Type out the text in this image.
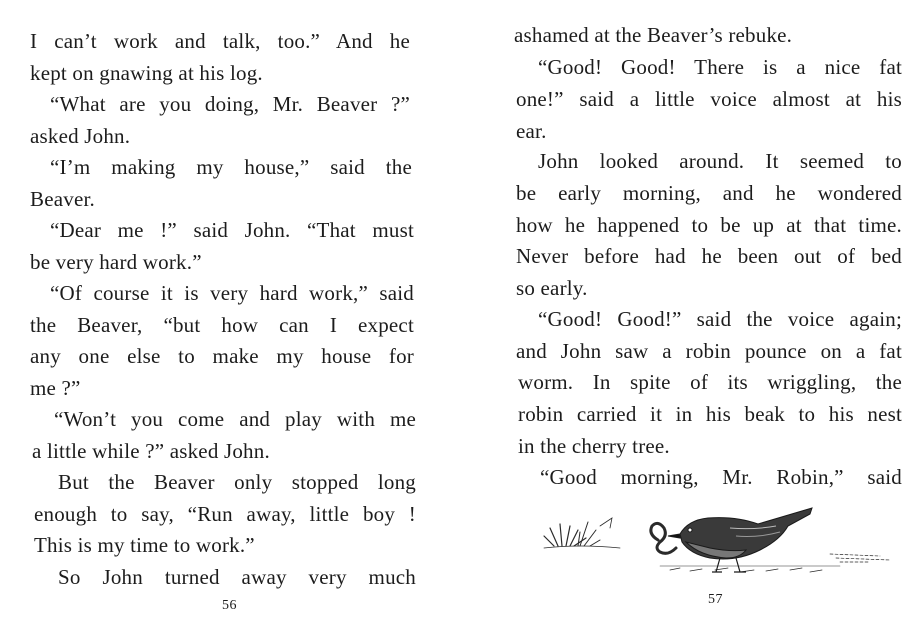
I can’t work and talk, too.” And he
kept on gnawing at his log.
“What are you doing, Mr. Beaver ?”
asked John.
“I’m making my house,” said the
Beaver.
“Dear me !” said John. “That must
be very hard work.”
“Of course it is very hard work,” said
the Beaver, “but how can I expect
any one else to make my house for
me ?”
“Won’t you come and play with me
a little while ?” asked John.
But the Beaver only stopped long
enough to say, “Run away, little boy !
This is my time to work.”
So John turned away very much
56
ashamed at the Beaver’s rebuke.
“Good! Good! There is a nice fat
one!” said a little voice almost at his
ear.
John looked around. It seemed to
be early morning, and he wondered
how he happened to be up at that time.
Never before had he been out of bed
so early.
“Good! Good!” said the voice again;
and John saw a robin pounce on a fat
worm. In spite of its wriggling, the
robin carried it in his beak to his nest
in the cherry tree.
“Good morning, Mr. Robin,” said
57
